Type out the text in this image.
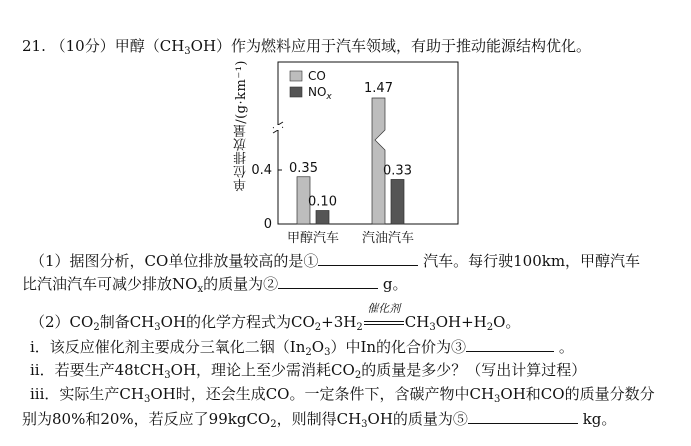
21. （10分）甲醇$(CH_3OH)$作为燃料应用于汽车领域，有助于推动能源结构优化。
0.35
0.10
甲醇汽车
1.47
0.33
汽油汽车
0
0.4
CO
$NO_x$
单位排放量/(g·km⁻¹)
（1）据图分析，CO单位排放量较高的是①	汽车。每行驶100km，甲醇汽车
比汽油汽车可减少排放$NO_x$的质量为②	g。
$(2)CO_2$制备$CH_3OH$的化学方程式为$CO_2+3H_2$
催化剂
$CH_3OH+H_2O$。
i．该反应催化剂主要成分三氧化二铟$(In_2O_3)$中In的化合价为③	。
ii．若要生产48tCH$_3$OH，理论上至少需消耗$CO_2$的质量是多少？（写出计算过程）
iii．实际生产$CH_3OH$时，还会生成CO。一定条件下，含碳产物中$CH_3OH$和CO的质量分数分
别为80%和20%，若反应了99kgCO$_2$，则制得$CH_3OH$的质量为⑤	kg。
